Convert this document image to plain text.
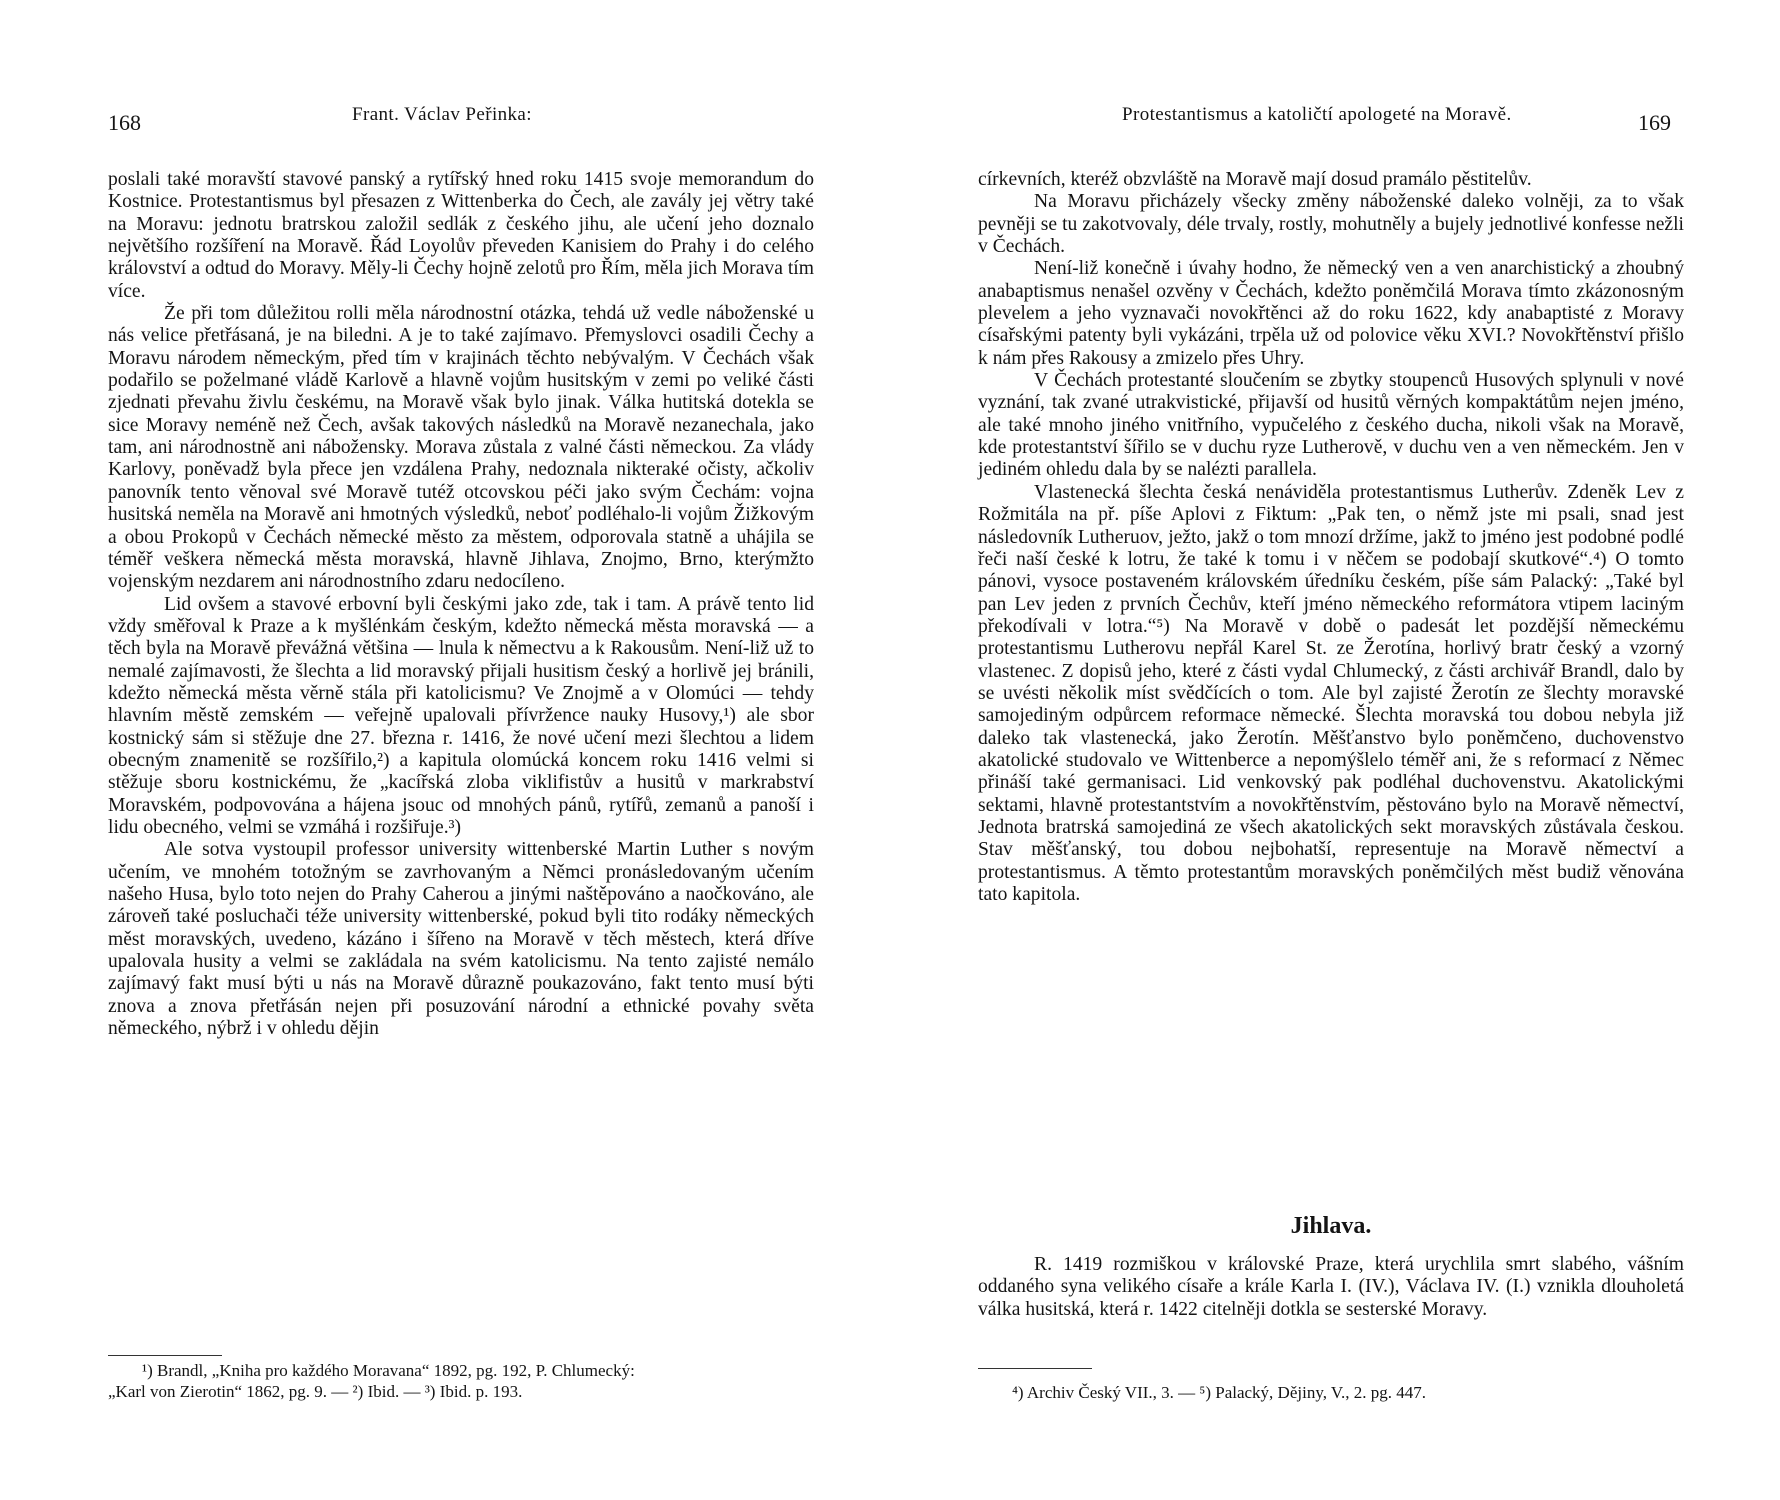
168	Frant. Václav Peřinka:

poslali také moravští stavové panský a rytířský hned roku 1415 svoje memorandum do Kostnice. Protestantismus byl přesazen z Wittenberka do Čech, ale zavály jej větry také na Moravu: jednotu bratrskou založil sedlák z českého jihu, ale učení jeho doznalo největšího rozšíření na Moravě. Řád Loyolův převeden Kanisiem do Prahy i do celého království a odtud do Moravy. Měly-li Čechy hojně zelotů pro Řím, měla jich Morava tím více.

Že při tom důležitou rolli měla národnostní otázka, tehdá už vedle náboženské u nás velice přetřásaná, je na biledni. A je to také zajímavo. Přemyslovci osadili Čechy a Moravu národem německým, před tím v krajinách těchto nebývalým. V Čechách však podařilo se poželmané vládě Karlově a hlavně vojům husitským v zemi po veliké části zjednati převahu živlu českému, na Moravě však bylo jinak. Válka hutitská dotekla se sice Moravy neméně než Čech, avšak takových následků na Moravě nezanechala, jako tam, ani národnostně ani nábožensky. Morava zůstala z valné části německou. Za vlády Karlovy, poněvadž byla přece jen vzdálena Prahy, nedoznala nikteraké očisty, ačkoliv panovník tento věnoval své Moravě tutéž otcovskou péči jako svým Čechám: vojna husitská neměla na Moravě ani hmotných výsledků, neboť podléhalo-li vojům Žižkovým a obou Prokopů v Čechách německé město za městem, odporovala statně a uhájila se téměř veškera německá města moravská, hlavně Jihlava, Znojmo, Brno, kterýmžto vojenským nezdarem ani národnostního zdaru nedocíleno.

Lid ovšem a stavové erbovní byli českými jako zde, tak i tam. A právě tento lid vždy směřoval k Praze a k myšlénkám českým, kdežto německá města moravská — a těch byla na Moravě převážná většina — lnula k němectvu a k Rakousům. Není-liž už to nemalé zajímavosti, že šlechta a lid moravský přijali husitism český a horlivě jej bránili, kdežto německá města věrně stála při katolicismu? Ve Znojmě a v Olomúci — tehdy hlavním městě zemském — veřejně upalovali přívržence nauky Husovy,¹) ale sbor kostnický sám si stěžuje dne 27. března r. 1416, že nové učení mezi šlechtou a lidem obecným znamenitě se rozšířilo,²) a kapitula olomúcká koncem roku 1416 velmi si stěžuje sboru kostnickému, že „kacířská zloba viklifistův a husitů v markrabství Moravském, podpovována a hájena jsouc od mnohých pánů, rytířů, zemanů a panoší i lidu obecného, velmi se vzmáhá i rozšiřuje.³)

Ale sotva vystoupil professor university wittenberské Martin Luther s novým učením, ve mnohém totožným se zavrhovaným a Němci pronásledovaným učením našeho Husa, bylo toto nejen do Prahy Caherou a jinými naštěpováno a naočkováno, ale zároveň také posluchači téže university wittenberské, pokud byli tito rodáky německých měst moravských, uvedeno, kázáno i šířeno na Moravě v těch městech, která dříve upalovala husity a velmi se zakládala na svém katolicismu. Na tento zajisté nemálo zajímavý fakt musí býti u nás na Moravě důrazně poukazováno, fakt tento musí býti znova a znova přetřásán nejen při posuzování národní a ethnické povahy světa německého, nýbrž i v ohledu dějin

¹) Brandl, „Kniha pro každého Moravana“ 1892, pg. 192, P. Chlumecký:

„Karl von Zierotin“ 1862, pg. 9. — ²) Ibid. — ³) Ibid. p. 193.

Protestantismus a katoličtí apologeté na Moravě.	169

církevních, kteréž obzvláště na Moravě mají dosud pramálo pěstitelův.

Na Moravu přicházely všecky změny náboženské daleko volněji, za to však pevněji se tu zakotvovaly, déle trvaly, rostly, mohutněly a bujely jednotlivé konfesse nežli v Čechách.

Není-liž konečně i úvahy hodno, že německý ven a ven anarchistický a zhoubný anabaptismus nenašel ozvěny v Čechách, kdežto poněmčilá Morava tímto zkázonosným plevelem a jeho vyznavači novokřtěnci až do roku 1622, kdy anabaptisté z Moravy císařskými patenty byli vykázáni, trpěla už od polovice věku XVI.? Novokřtěnství přišlo k nám přes Rakousy a zmizelo přes Uhry.

V Čechách protestanté sloučením se zbytky stoupenců Husových splynuli v nové vyznání, tak zvané utrakvistické, přijavší od husitů věrných kompaktátům nejen jméno, ale také mnoho jiného vnitřního, vypučelého z českého ducha, nikoli však na Moravě, kde protestantství šířilo se v duchu ryze Lutherově, v duchu ven a ven německém. Jen v jediném ohledu dala by se nalézti parallela.

Vlastenecká šlechta česká nenáviděla protestantismus Lutherův. Zdeněk Lev z Rožmitála na př. píše Aplovi z Fiktum: „Pak ten, o němž jste mi psali, snad jest následovník Lutheruov, ježto, jakž o tom mnozí držíme, jakž to jméno jest podobné podlé řeči naší české k lotru, že také k tomu i v něčem se podobají skutkové“.⁴) O tomto pánovi, vysoce postaveném královském úředníku českém, píše sám Palacký: „Také byl pan Lev jeden z prvních Čechův, kteří jméno německého reformátora vtipem laciným překodívali v lotra.“⁵) Na Moravě v době o padesát let pozdější německému protestantismu Lutherovu nepřál Karel St. ze Žerotína, horlivý bratr český a vzorný vlastenec. Z dopisů jeho, které z části vydal Chlumecký, z části archivář Brandl, dalo by se uvésti několik míst svědčících o tom. Ale byl zajisté Žerotín ze šlechty moravské samojediným odpůrcem reformace německé. Šlechta moravská tou dobou nebyla již daleko tak vlastenecká, jako Žerotín. Měšťanstvo bylo poněmčeno, duchovenstvo akatolické studovalo ve Wittenberce a nepomýšlelo téměř ani, že s reformací z Němec přináší také germanisaci. Lid venkovský pak podléhal duchovenstvu. Akatolickými sektami, hlavně protestantstvím a novokřtěnstvím, pěstováno bylo na Moravě němectví, Jednota bratrská samojediná ze všech akatolických sekt moravských zůstávala českou. Stav měšťanský, tou dobou nejbohatší, representuje na Moravě němectví a protestantismus. A těmto protestantům moravských poněmčilých měst budiž věnována tato kapitola.

Jihlava.

R. 1419 rozmiškou v královské Praze, která urychlila smrt slabého, vášním oddaného syna velikého císaře a krále Karla I. (IV.), Václava IV. (I.) vznikla dlouholetá válka husitská, která r. 1422 citelněji dotkla se sesterské Moravy.

⁴) Archiv Český VII., 3. — ⁵) Palacký, Dějiny, V., 2. pg. 447.
